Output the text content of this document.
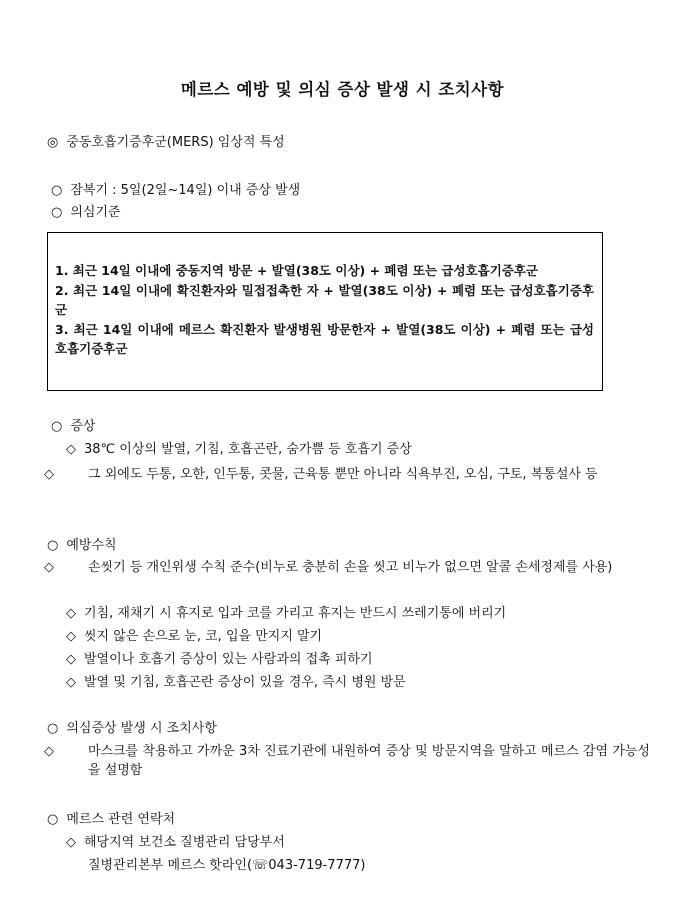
메르스 예방 및 의심 증상 발생 시 조치사항
◎ 중동호흡기증후군(MERS) 임상적 특성
○ 잠복기 : 5일(2일~14일) 이내 증상 발생
○ 의심기준
1. 최근 14일 이내에 중동지역 방문 + 발열(38도 이상) + 폐렴 또는 급성호흡기증후군
2. 최근 14일 이내에 확진환자와 밀접접촉한 자 + 발열(38도 이상) + 폐렴 또는 급성호흡기증후군
3. 최근 14일 이내에 메르스 확진환자 발생병원 방문한자 + 발열(38도 이상) + 폐렴 또는 급성호흡기증후군
○ 증상
◇ 38℃ 이상의 발열, 기침, 호흡곤란, 숨가쁨 등 호흡기 증상
◇	그 외에도 두통, 오한, 인두통, 콧물, 근육통 뿐만 아니라 식욕부진, 오심, 구토, 복통설사 등
○ 예방수칙
◇	손씻기 등 개인위생 수칙 준수(비누로 충분히 손을 씻고 비누가 없으면 알콜 손세정제를 사용)
◇ 기침, 재채기 시 휴지로 입과 코를 가리고 휴지는 반드시 쓰레기통에 버리기
◇ 씻지 않은 손으로 눈, 코, 입을 만지지 말기
◇ 발열이나 호흡기 증상이 있는 사람과의 접촉 피하기
◇ 발열 및 기침, 호흡곤란 증상이 있을 경우, 즉시 병원 방문
○ 의심증상 발생 시 조치사항
◇	마스크를 착용하고 가까운 3차 진료기관에 내원하여 증상 및 방문지역을 말하고 메르스 감염 가능성을 설명함
○ 메르스 관련 연락처
◇ 해당지역 보건소 질병관리 담당부서
질병관리본부 메르스 핫라인(☏043-719-7777)
